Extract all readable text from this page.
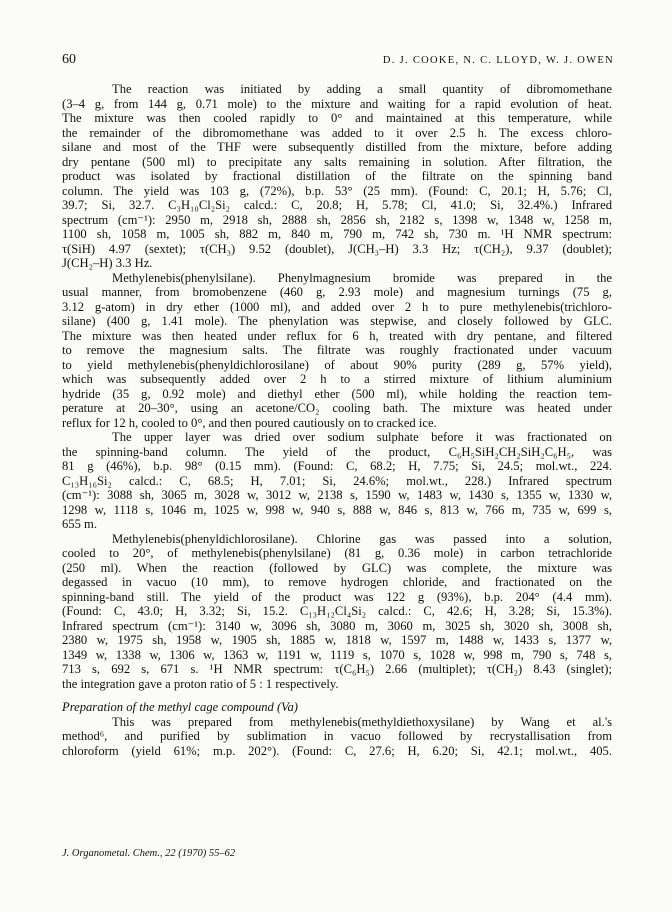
60	D. J. COOKE, N. C. LLOYD, W. J. OWEN
The reaction was initiated by adding a small quantity of dibromomethane
(3–4 g, from 144 g, 0.71 mole) to the mixture and waiting for a rapid evolution of heat.
The mixture was then cooled rapidly to 0° and maintained at this temperature, while
the remainder of the dibromomethane was added to it over 2.5 h. The excess chloro-
silane and most of the THF were subsequently distilled from the mixture, before adding
dry pentane (500 ml) to precipitate any salts remaining in solution. After filtration, the
product was isolated by fractional distillation of the filtrate on the spinning band
column. The yield was 103 g, (72%), b.p. 53° (25 mm). (Found: C, 20.1; H, 5.76; Cl,
39.7; Si, 32.7. C₃H₁₀Cl₂Si₂ calcd.: C, 20.8; H, 5.78; Cl, 41.0; Si, 32.4%.) Infrared
spectrum (cm⁻¹): 2950 m, 2918 sh, 2888 sh, 2856 sh, 2182 s, 1398 w, 1348 w, 1258 m,
1100 sh, 1058 m, 1005 sh, 882 m, 840 m, 790 m, 742 sh, 730 m. ¹H NMR spectrum:
τ(SiH) 4.97 (sextet); τ(CH₃) 9.52 (doublet), J(CH₃–H) 3.3 Hz; τ(CH₂), 9.37 (doublet);
J(CH₂–H) 3.3 Hz.
Methylenebis(phenylsilane). Phenylmagnesium bromide was prepared in the
usual manner, from bromobenzene (460 g, 2.93 mole) and magnesium turnings (75 g,
3.12 g-atom) in dry ether (1000 ml), and added over 2 h to pure methylenebis(trichloro-
silane) (400 g, 1.41 mole). The phenylation was stepwise, and closely followed by GLC.
The mixture was then heated under reflux for 6 h, treated with dry pentane, and filtered
to remove the magnesium salts. The filtrate was roughly fractionated under vacuum
to yield methylenebis(phenyldichlorosilane) of about 90% purity (289 g, 57% yield),
which was subsequently added over 2 h to a stirred mixture of lithium aluminium
hydride (35 g, 0.92 mole) and diethyl ether (500 ml), while holding the reaction tem-
perature at 20–30°, using an acetone/CO₂ cooling bath. The mixture was heated under
reflux for 12 h, cooled to 0°, and then poured cautiously on to cracked ice.
The upper layer was dried over sodium sulphate before it was fractionated on
the spinning-band column. The yield of the product, C₆H₅SiH₂CH₂SiH₂C₆H₅, was
81 g (46%), b.p. 98° (0.15 mm). (Found: C, 68.2; H, 7.75; Si, 24.5; mol.wt., 224.
C₁₃H₁₆Si₂ calcd.: C, 68.5; H, 7.01; Si, 24.6%; mol.wt., 228.) Infrared spectrum
(cm⁻¹): 3088 sh, 3065 m, 3028 w, 3012 w, 2138 s, 1590 w, 1483 w, 1430 s, 1355 w, 1330 w,
1298 w, 1118 s, 1046 m, 1025 w, 998 w, 940 s, 888 w, 846 s, 813 w, 766 m, 735 w, 699 s,
655 m.
Methylenebis(phenyldichlorosilane). Chlorine gas was passed into a solution,
cooled to 20°, of methylenebis(phenylsilane) (81 g, 0.36 mole) in carbon tetrachloride
(250 ml). When the reaction (followed by GLC) was complete, the mixture was
degassed in vacuo (10 mm), to remove hydrogen chloride, and fractionated on the
spinning-band still. The yield of the product was 122 g (93%), b.p. 204° (4.4 mm).
(Found: C, 43.0; H, 3.32; Si, 15.2. C₁₃H₁₂Cl₄Si₂ calcd.: C, 42.6; H, 3.28; Si, 15.3%).
Infrared spectrum (cm⁻¹): 3140 w, 3096 sh, 3080 m, 3060 m, 3025 sh, 3020 sh, 3008 sh,
2380 w, 1975 sh, 1958 w, 1905 sh, 1885 w, 1818 w, 1597 m, 1488 w, 1433 s, 1377 w,
1349 w, 1338 w, 1306 w, 1363 w, 1191 w, 1119 s, 1070 s, 1028 w, 998 m, 790 s, 748 s,
713 s, 692 s, 671 s. ¹H NMR spectrum: τ(C₆H₅) 2.66 (multiplet); τ(CH₂) 8.43 (singlet);
the integration gave a proton ratio of 5 : 1 respectively.
Preparation of the methyl cage compound (Va)
This was prepared from methylenebis(methyldiethoxysilane) by Wang et al.'s
method⁶, and purified by sublimation in vacuo followed by recrystallisation from
chloroform (yield 61%; m.p. 202°). (Found: C, 27.6; H, 6.20; Si, 42.1; mol.wt., 405.
J. Organometal. Chem., 22 (1970) 55–62
